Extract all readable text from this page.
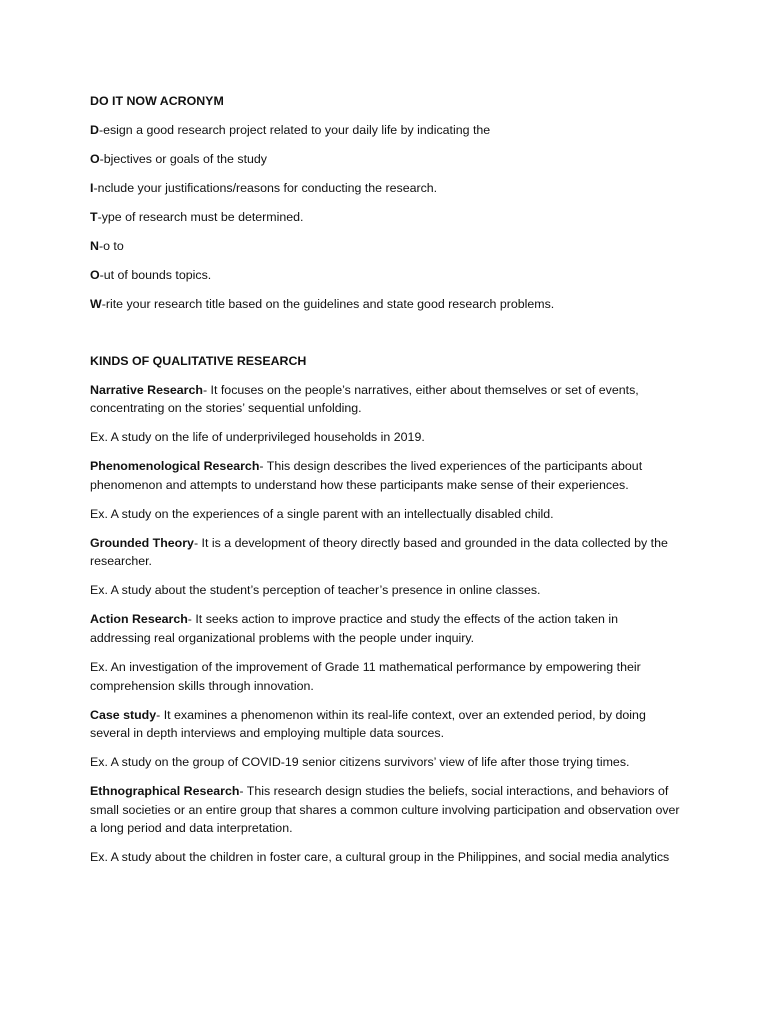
DO IT NOW ACRONYM
D-esign a good research project related to your daily life by indicating the
O-bjectives or goals of the study
I-nclude your justifications/reasons for conducting the research.
T-ype of research must be determined.
N-o to
O-ut of bounds topics.
W-rite your research title based on the guidelines and state good research problems.
KINDS OF QUALITATIVE RESEARCH

Narrative Research- It focuses on the people’s narratives, either about themselves or set of events, concentrating on the stories’ sequential unfolding.

Ex. A study on the life of underprivileged households in 2019.

Phenomenological Research- This design describes the lived experiences of the participants about phenomenon and attempts to understand how these participants make sense of their experiences.

Ex. A study on the experiences of a single parent with an intellectually disabled child.

Grounded Theory- It is a development of theory directly based and grounded in the data collected by the researcher.

Ex. A study about the student’s perception of teacher’s presence in online classes.

Action Research- It seeks action to improve practice and study the effects of the action taken in addressing real organizational problems with the people under inquiry.

Ex. An investigation of the improvement of Grade 11 mathematical performance by empowering their comprehension skills through innovation.

Case study- It examines a phenomenon within its real-life context, over an extended period, by doing several in depth interviews and employing multiple data sources.

Ex. A study on the group of COVID-19 senior citizens survivors’ view of life after those trying times.

Ethnographical Research- This research design studies the beliefs, social interactions, and behaviors of small societies or an entire group that shares a common culture involving participation and observation over a long period and data interpretation.

Ex. A study about the children in foster care, a cultural group in the Philippines, and social media analytics
